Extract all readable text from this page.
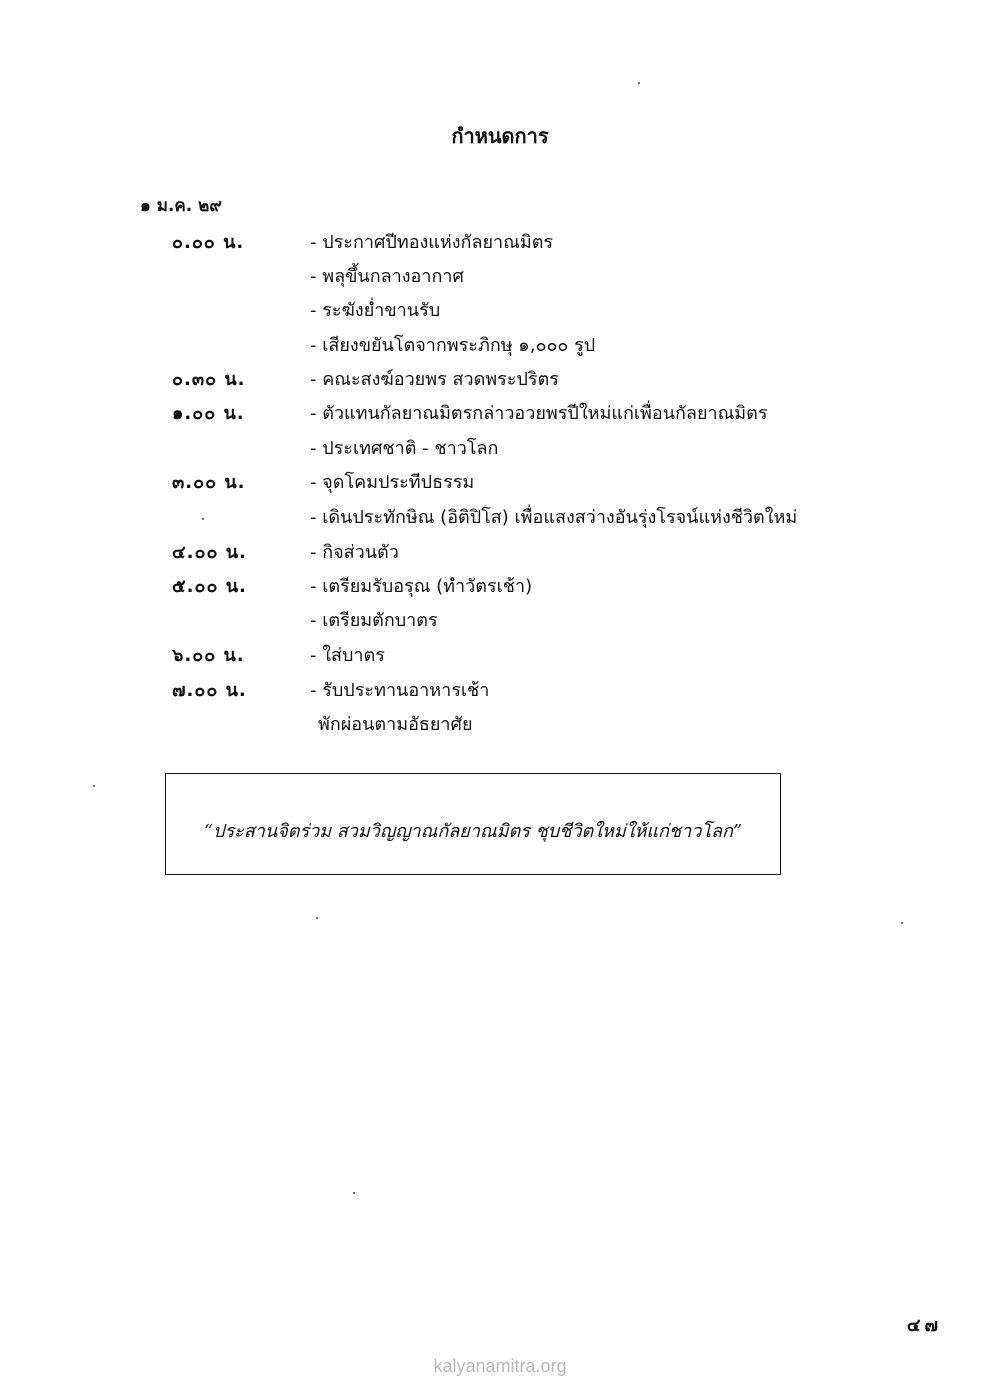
กำหนดการ
๑ ม.ค. ๒๙
๐.๐๐ น.	- ประกาศปีทองแห่งกัลยาณมิตร
- พลุขึ้นกลางอากาศ
- ระฆังย่ำขานรับ
- เสียงขยันโตจากพระภิกษุ ๑,๐๐๐ รูป
๐.๓๐ น.	- คณะสงฆ์อวยพร สวดพระปริตร
๑.๐๐ น.	- ตัวแทนกัลยาณมิตรกล่าวอวยพรปีใหม่แก่เพื่อนกัลยาณมิตร
- ประเทศชาติ - ชาวโลก
๓.๐๐ น.	- จุดโคมประทีปธรรม
- เดินประทักษิณ (อิติปิโส) เพื่อแสงสว่างอันรุ่งโรจน์แห่งชีวิตใหม่
๔.๐๐ น.	- กิจส่วนตัว
๕.๐๐ น.	- เตรียมรับอรุณ (ทำวัตรเช้า)
- เตรียมตักบาตร
๖.๐๐ น.	- ใส่บาตร
๗.๐๐ น.	- รับประทานอาหารเช้า
พักผ่อนตามอัธยาศัย
“ประสานจิตร่วม สวมวิญญาณกัลยาณมิตร ชุบชีวิตใหม่ให้แก่ชาวโลก”
๔๗
kalyanamitra.org
